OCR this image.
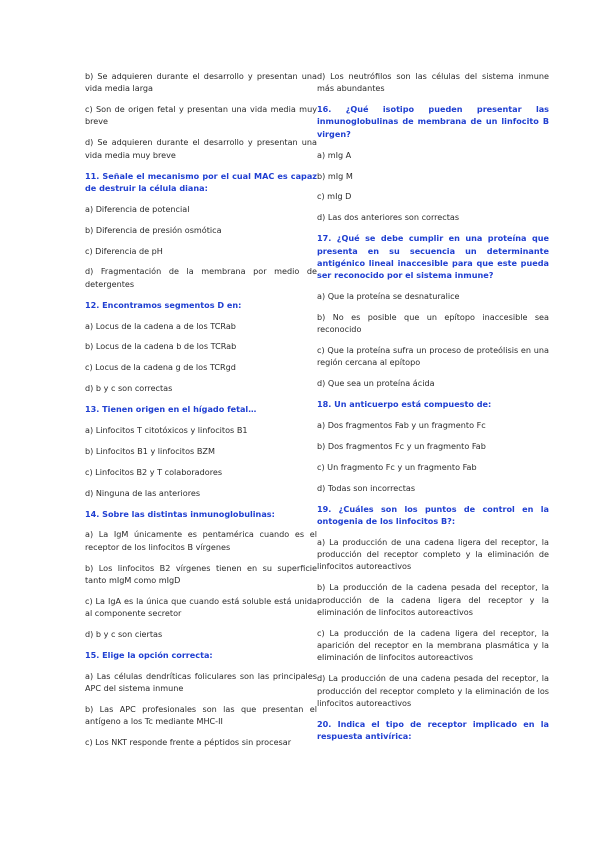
b) Se adquieren durante el desarrollo y presentan una vida media larga

c) Son de origen fetal y presentan una vida media muy breve

d) Se adquieren durante el desarrollo y presentan una vida media muy breve

11. Señale el mecanismo por el cual MAC es capaz de destruir la célula diana:

a) Diferencia de potencial

b) Diferencia de presión osmótica

c) Diferencia de pH

d) Fragmentación de la membrana por medio de detergentes

12. Encontramos segmentos D en:

a) Locus de la cadena a de los TCRab

b) Locus de la cadena b de los TCRab

c) Locus de la cadena g de los TCRgd

d) b y c son correctas

13. Tienen origen en el hígado fetal…

a) Linfocitos T citotóxicos y linfocitos B1

b) Linfocitos B1 y linfocitos BZM

c) Linfocitos B2 y T colaboradores

d) Ninguna de las anteriores

14. Sobre las distintas inmunoglobulinas:

a) La IgM únicamente es pentamérica cuando es el receptor de los linfocitos B vírgenes

b) Los linfocitos B2 vírgenes tienen en su superficie tanto mIgM como mIgD

c) La IgA es la única que cuando está soluble está unida al componente secretor

d) b y c son ciertas

15. Elige la opción correcta:

a) Las células dendríticas foliculares son las principales APC del sistema inmune

b) Las APC profesionales son las que presentan el antígeno a los Tc mediante MHC-II

c) Los NKT responde frente a péptidos sin procesar

d) Los neutrófilos son las células del sistema inmune más abundantes

16. ¿Qué isotipo pueden presentar las inmunoglobulinas de membrana de un linfocito B virgen?

a) mIg A

b) mIg M

c) mIg D

d) Las dos anteriores son correctas

17. ¿Qué se debe cumplir en una proteína que presenta en su secuencia un determinante antigénico lineal inaccesible para que este pueda ser reconocido por el sistema inmune?

a) Que la proteína se desnaturalice

b) No es posible que un epítopo inaccesible sea reconocido

c) Que la proteína sufra un proceso de proteólisis en una región cercana al epítopo

d) Que sea un proteína ácida

18. Un anticuerpo está compuesto de:

a) Dos fragmentos Fab y un fragmento Fc

b) Dos fragmentos Fc y un fragmento Fab

c) Un fragmento Fc y un fragmento Fab

d) Todas son incorrectas

19. ¿Cuáles son los puntos de control en la ontogenia de los linfocitos B?:

a) La producción de una cadena ligera del receptor, la producción del receptor completo y la eliminación de linfocitos autoreactivos

b) La producción de la cadena pesada del receptor, la producción de la cadena ligera del receptor y la eliminación de linfocitos autoreactivos

c) La producción de la cadena ligera del receptor, la aparición del receptor en la membrana plasmática y la eliminación de linfocitos autoreactivos

d) La producción de una cadena pesada del receptor, la producción del receptor completo y la eliminación de los linfocitos autoreactivos

20. Indica el tipo de receptor implicado en la respuesta antivírica:
